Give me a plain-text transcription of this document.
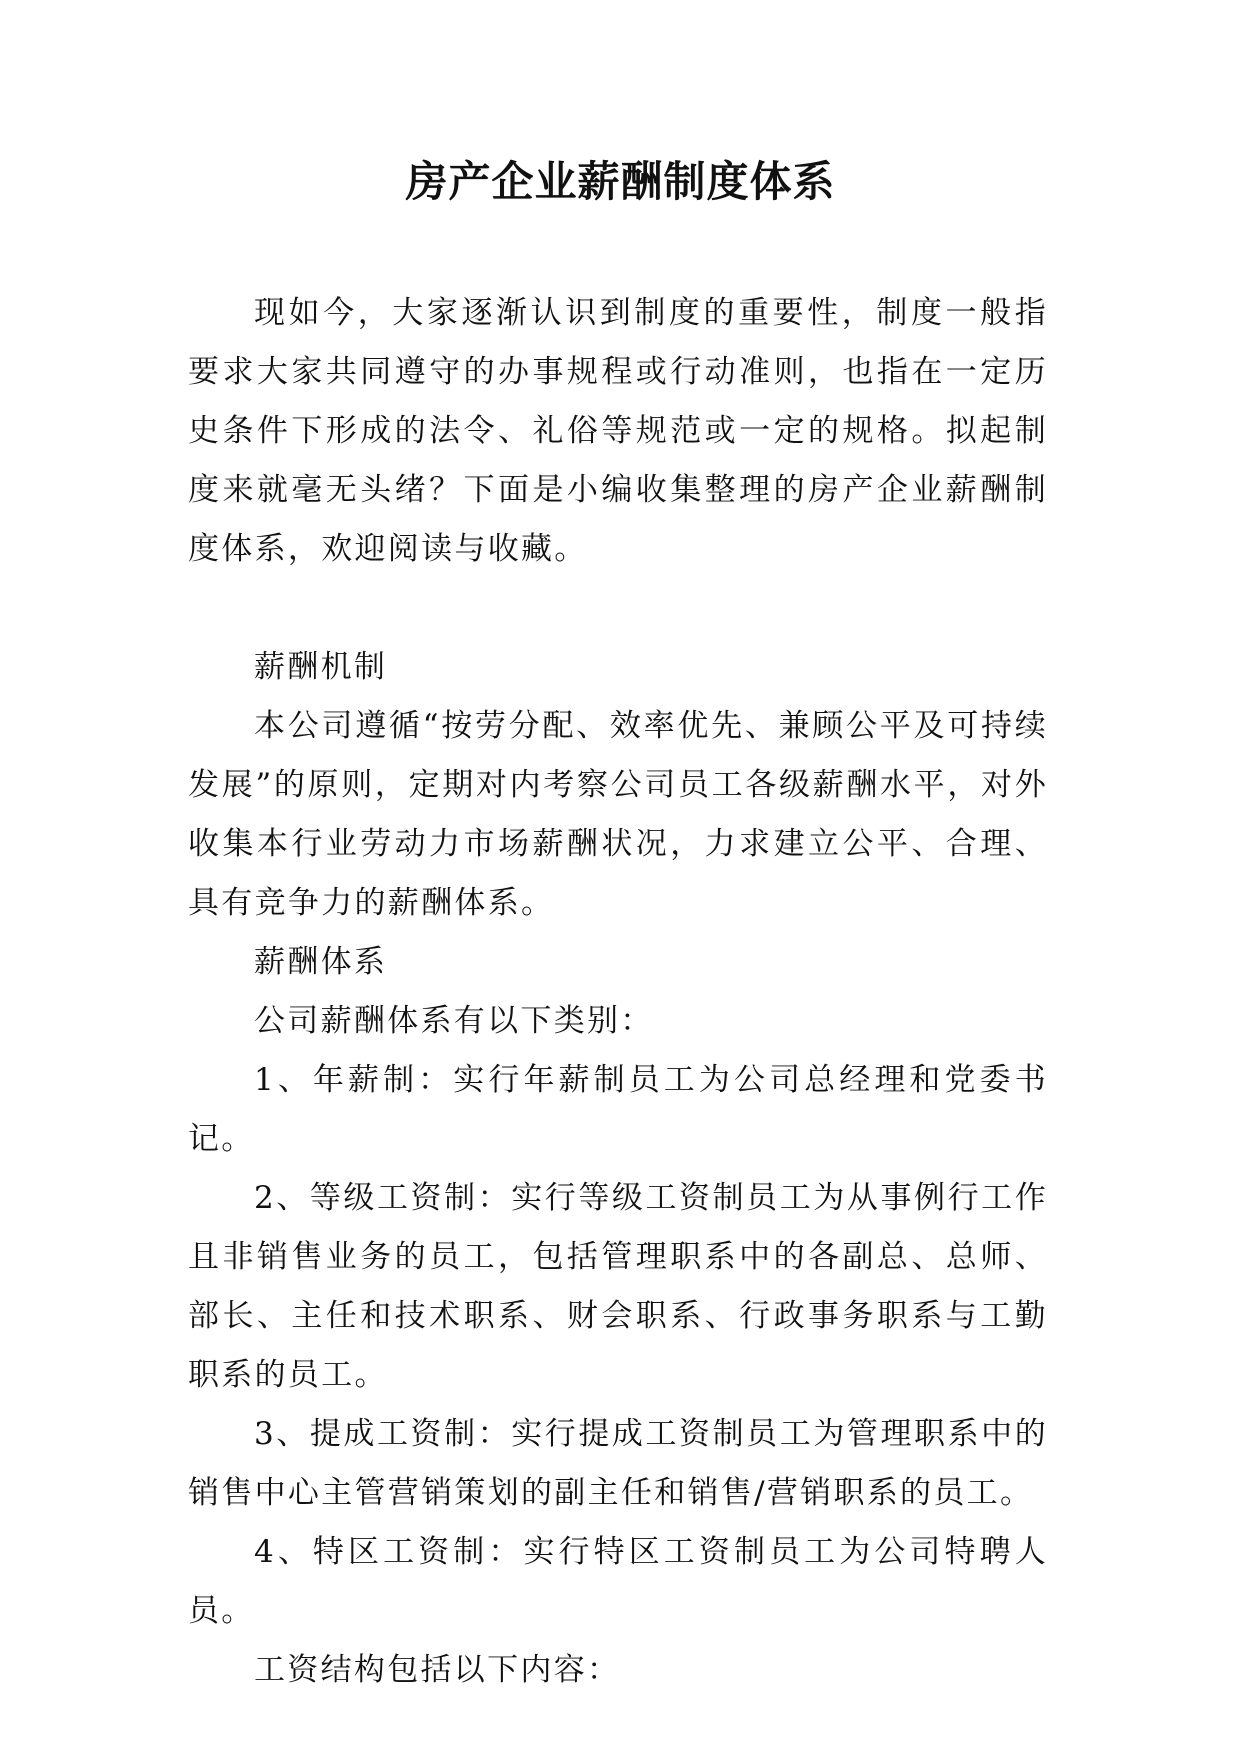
房产企业薪酬制度体系

现如今，大家逐渐认识到制度的重要性，制度一般指要求大家共同遵守的办事规程或行动准则，也指在一定历史条件下形成的法令、礼俗等规范或一定的规格。拟起制度来就毫无头绪？下面是小编收集整理的房产企业薪酬制度体系，欢迎阅读与收藏。

薪酬机制

本公司遵循“按劳分配、效率优先、兼顾公平及可持续发展”的原则，定期对内考察公司员工各级薪酬水平，对外收集本行业劳动力市场薪酬状况，力求建立公平、合理、具有竞争力的薪酬体系。

薪酬体系

公司薪酬体系有以下类别：

1、年薪制：实行年薪制员工为公司总经理和党委书记。

2、等级工资制：实行等级工资制员工为从事例行工作且非销售业务的员工，包括管理职系中的各副总、总师、部长、主任和技术职系、财会职系、行政事务职系与工勤职系的员工。

3、提成工资制：实行提成工资制员工为管理职系中的销售中心主管营销策划的副主任和销售/营销职系的员工。

4、特区工资制：实行特区工资制员工为公司特聘人员。

工资结构包括以下内容：
